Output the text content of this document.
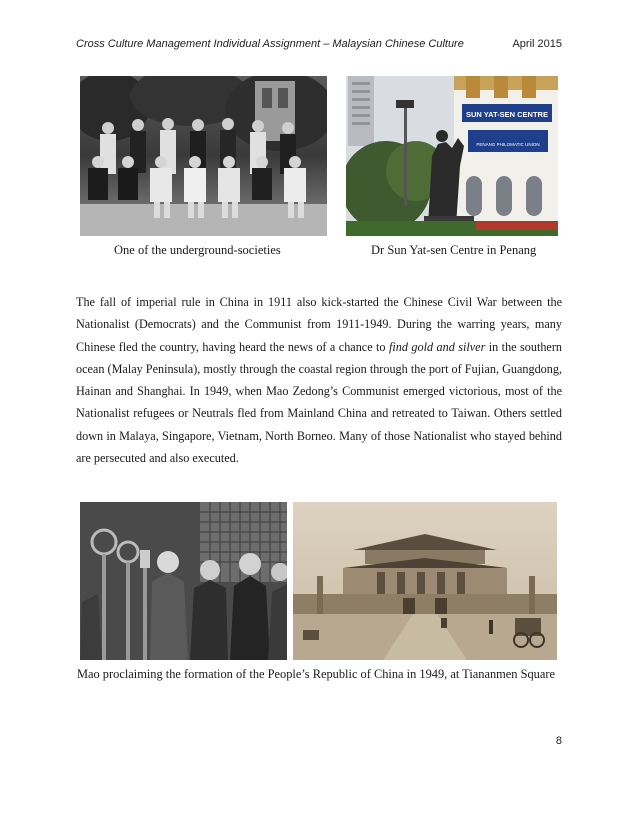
Cross Culture Management Individual Assignment – Malaysian Chinese Culture	April 2015
SUN YAT-SEN CENTRE
PENANG PHILOMATIC UNION
One of the underground-societies	Dr Sun Yat-sen Centre in Penang

The fall of imperial rule in China in 1911 also kick-started the Chinese Civil War between the Nationalist (Democrats) and the Communist from 1911-1949. During the warring years, many Chinese fled the country, having heard the news of a chance to find gold and silver in the southern ocean (Malay Peninsula), mostly through the coastal region through the port of Fujian, Guangdong, Hainan and Shanghai. In 1949, when Mao Zedong’s Communist emerged victorious, most of the Nationalist refugees or Neutrals fled from Mainland China and retreated to Taiwan. Others settled down in Malaya, Singapore, Vietnam, North Borneo. Many of those Nationalist who stayed behind are persecuted and also executed.

Mao proclaiming the formation of the People’s Republic of China in 1949, at Tiananmen Square
8
